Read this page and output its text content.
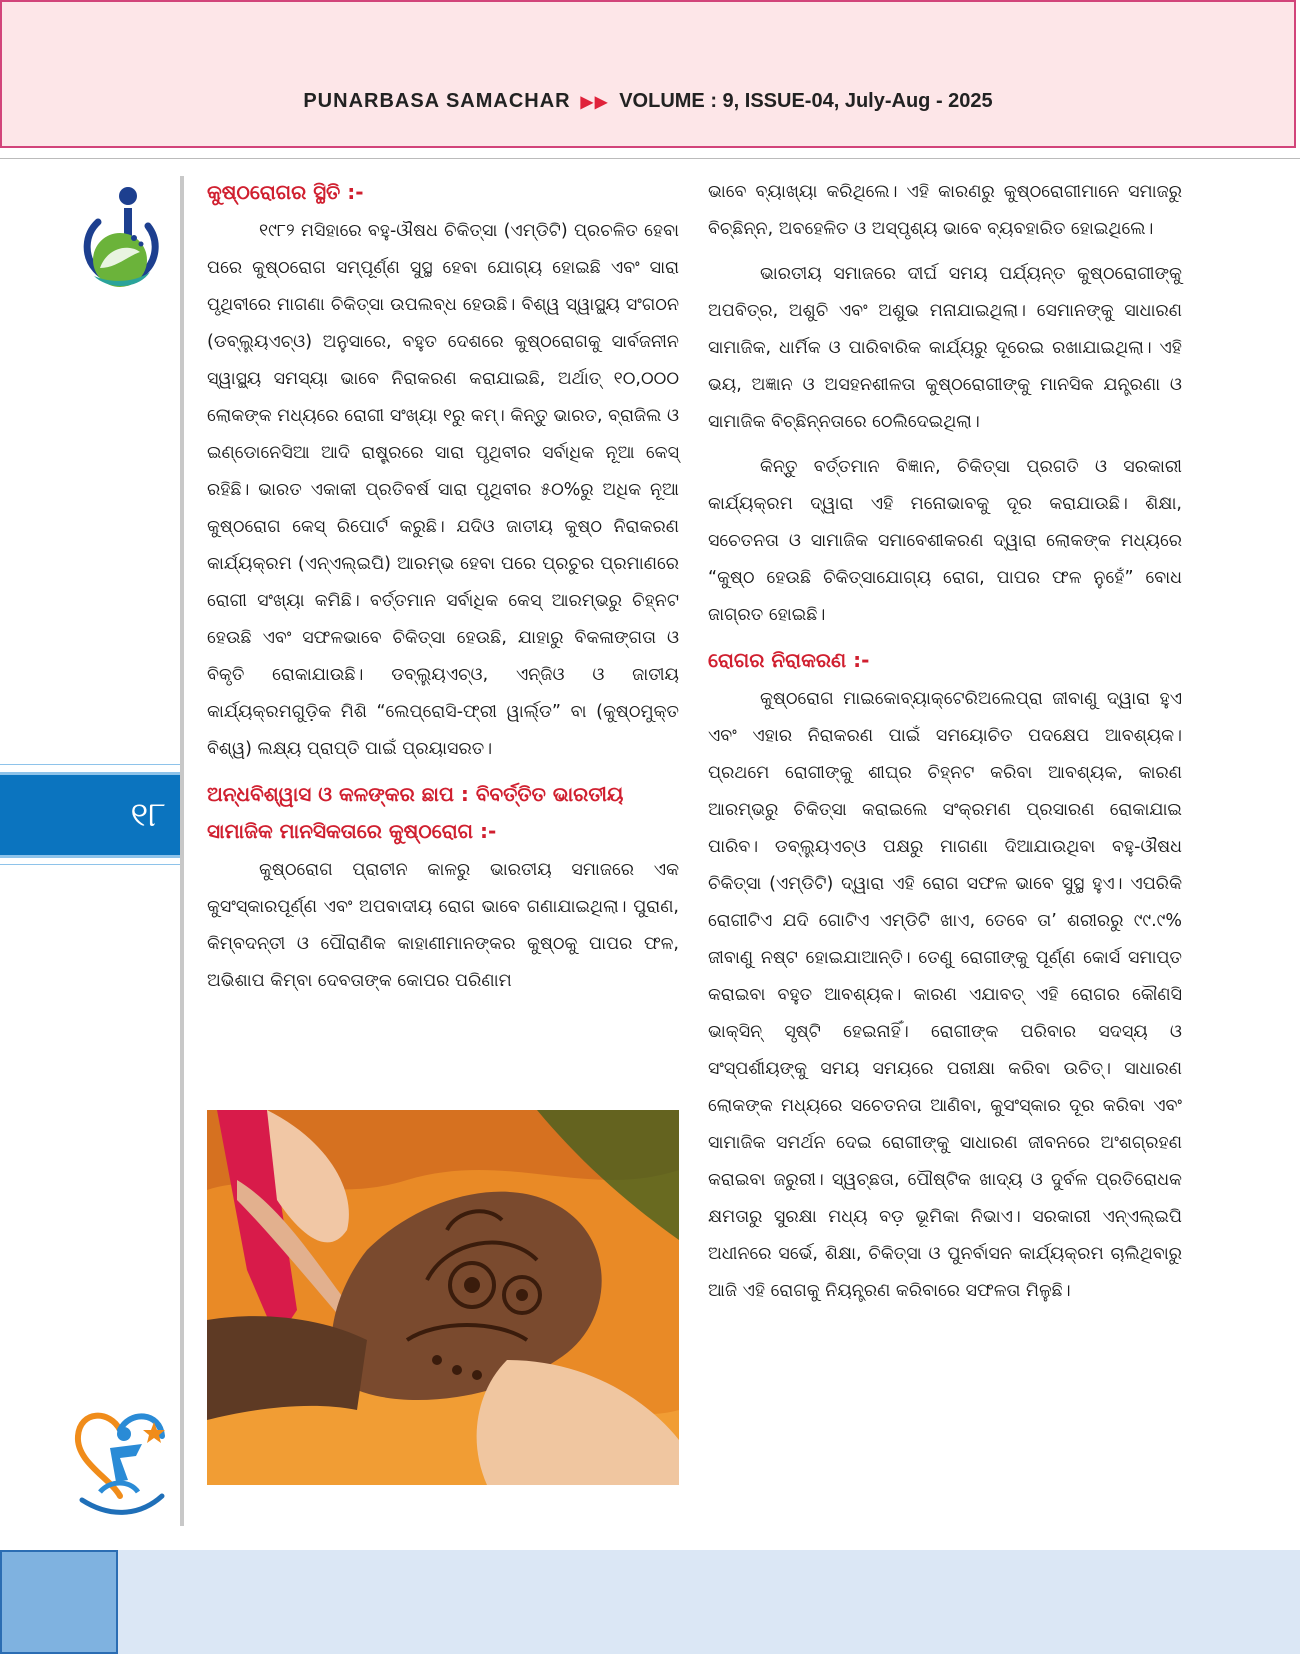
PUNARBASA SAMACHAR ▶▶ VOLUME : 9, ISSUE-04, July-Aug - 2025
୧୮
କୁଷ୍ଠରୋଗର ସ୍ଥିତି :-

୧୯୮୨ ମସିହାରେ ବହୁ-ଔଷଧ ଚିକିତ୍ସା (ଏମ୍‌ଡିଟି) ପ୍ରଚଳିତ ହେବା ପରେ କୁଷ୍ଠରୋଗ ସମ୍ପୂର୍ଣ୍ଣ ସୁସ୍ଥ ହେବା ଯୋଗ୍ୟ ହୋଇଛି ଏବଂ ସାରା ପୃଥିବୀରେ ମାଗଣା ଚିକିତ୍ସା ଉପଲବ୍ଧ ହେଉଛି। ବିଶ୍ୱ ସ୍ୱାସ୍ଥ୍ୟ ସଂଗଠନ (ଡବ୍ଲ୍ୟୁଏଚ୍‌ଓ) ଅନୁସାରେ, ବହୁତ ଦେଶରେ କୁଷ୍ଠରୋଗକୁ ସାର୍ବଜନୀନ ସ୍ୱାସ୍ଥ୍ୟ ସମସ୍ୟା ଭାବେ ନିରାକରଣ କରାଯାଇଛି, ଅର୍ଥାତ୍ ୧୦,୦୦୦ ଲୋକଙ୍କ ମଧ୍ୟରେ ରୋଗୀ ସଂଖ୍ୟା ୧ରୁ କମ୍। କିନ୍ତୁ ଭାରତ, ବ୍ରାଜିଲ ଓ ଇଣ୍ଡୋନେସିଆ ଆଦି ରାଷ୍ଟ୍ରରେ ସାରା ପୃଥିବୀର ସର୍ବାଧିକ ନୂଆ କେସ୍ ରହିଛି। ଭାରତ ଏକାକୀ ପ୍ରତିବର୍ଷ ସାରା ପୃଥିବୀର ୫୦%ରୁ ଅଧିକ ନୂଆ କୁଷ୍ଠରୋଗ କେସ୍ ରିପୋର୍ଟ କରୁଛି। ଯଦିଓ ଜାତୀୟ କୁଷ୍ଠ ନିରାକରଣ କାର୍ଯ୍ୟକ୍ରମ (ଏନ୍‌ଏଲ୍‌ଇପି) ଆରମ୍ଭ ହେବା ପରେ ପ୍ରଚୁର ପ୍ରମାଣରେ ରୋଗୀ ସଂଖ୍ୟା କମିଛି। ବର୍ତ୍ତମାନ ସର୍ବାଧିକ କେସ୍ ଆରମ୍ଭରୁ ଚିହ୍ନଟ ହେଉଛି ଏବଂ ସଫଳଭାବେ ଚିକିତ୍ସା ହେଉଛି, ଯାହାରୁ ବିକଳାଙ୍ଗତା ଓ ବିକୃତି ରୋକାଯାଉଛି। ଡବ୍ଲ୍ୟୁଏଚ୍‌ଓ, ଏନ୍‌ଜିଓ ଓ ଜାତୀୟ କାର୍ଯ୍ୟକ୍ରମଗୁଡ଼ିକ ମିଶି “ଲେପ୍ରୋସି-ଫ୍ରୀ ୱାର୍ଲ୍ଡ” ବା (କୁଷ୍ଠମୁକ୍ତ ବିଶ୍ୱ) ଲକ୍ଷ୍ୟ ପ୍ରାପ୍ତି ପାଇଁ ପ୍ରୟାସରତ।

ଅନ୍ଧବିଶ୍ୱାସ ଓ କଳଙ୍କର ଛାପ : ବିବର୍ତ୍ତିତ ଭାରତୀୟ ସାମାଜିକ ମାନସିକତାରେ କୁଷ୍ଠରୋଗ :-

କୁଷ୍ଠରୋଗ ପ୍ରାଚୀନ କାଳରୁ ଭାରତୀୟ ସମାଜରେ ଏକ କୁସଂସ୍କାରପୂର୍ଣ୍ଣ ଏବଂ ଅପବାଦୀୟ ରୋଗ ଭାବେ ଗଣାଯାଇଥିଲା। ପୁରାଣ, କିମ୍ବଦନ୍ତୀ ଓ ପୌରାଣିକ କାହାଣୀମାନଙ୍କର କୁଷ୍ଠକୁ ପାପର ଫଳ, ଅଭିଶାପ କିମ୍ବା ଦେବତାଙ୍କ କୋପର ପରିଣାମ

ଭାବେ ବ୍ୟାଖ୍ୟା କରିଥିଲେ। ଏହି କାରଣରୁ କୁଷ୍ଠରୋଗୀମାନେ ସମାଜରୁ ବିଚ୍ଛିନ୍ନ, ଅବହେଳିତ ଓ ଅସ୍ପୃଶ୍ୟ ଭାବେ ବ୍ୟବହାରିତ ହୋଇଥିଲେ।

ଭାରତୀୟ ସମାଜରେ ଦୀର୍ଘ ସମୟ ପର୍ଯ୍ୟନ୍ତ କୁଷ୍ଠରୋଗୀଙ୍କୁ ଅପବିତ୍ର, ଅଶୁଚି ଏବଂ ଅଶୁଭ ମନାଯାଇଥିଲା। ସେମାନଙ୍କୁ ସାଧାରଣ ସାମାଜିକ, ଧାର୍ମିକ ଓ ପାରିବାରିକ କାର୍ଯ୍ୟରୁ ଦୂରେଇ ରଖାଯାଇଥିଲା। ଏହି ଭୟ, ଅଜ୍ଞାନ ଓ ଅସହନଶୀଳତା କୁଷ୍ଠରୋଗୀଙ୍କୁ ମାନସିକ ଯନ୍ତ୍ରଣା ଓ ସାମାଜିକ ବିଚ୍ଛିନ୍ନତାରେ ଠେଲିଦେଇଥିଲା।

କିନ୍ତୁ ବର୍ତ୍ତମାନ ବିଜ୍ଞାନ, ଚିକିତ୍ସା ପ୍ରଗତି ଓ ସରକାରୀ କାର୍ଯ୍ୟକ୍ରମ ଦ୍ୱାରା ଏହି ମନୋଭାବକୁ ଦୂର କରାଯାଉଛି। ଶିକ୍ଷା, ସଚେତନତା ଓ ସାମାଜିକ ସମାବେଶୀକରଣ ଦ୍ୱାରା ଲୋକଙ୍କ ମଧ୍ୟରେ “କୁଷ୍ଠ ହେଉଛି ଚିକିତ୍ସାଯୋଗ୍ୟ ରୋଗ, ପାପର ଫଳ ନୁହେଁ” ବୋଧ ଜାଗ୍ରତ ହୋଇଛି।

ରୋଗର ନିରାକରଣ :-

କୁଷ୍ଠରୋଗ ମାଇକୋବ୍ୟାକ୍ଟେରିଅଲେପ୍ରା ଜୀବାଣୁ ଦ୍ୱାରା ହୁଏ ଏବଂ ଏହାର ନିରାକରଣ ପାଇଁ ସମୟୋଚିତ ପଦକ୍ଷେପ ଆବଶ୍ୟକ। ପ୍ରଥମେ ରୋଗୀଙ୍କୁ ଶୀଘ୍ର ଚିହ୍ନଟ କରିବା ଆବଶ୍ୟକ, କାରଣ ଆରମ୍ଭରୁ ଚିକିତ୍ସା କରାଇଲେ ସଂକ୍ରମଣ ପ୍ରସାରଣ ରୋକାଯାଇ ପାରିବ। ଡବ୍ଲ୍ୟୁଏଚ୍‌ଓ ପକ୍ଷରୁ ମାଗଣା ଦିଆଯାଉଥିବା ବହୁ-ଔଷଧ ଚିକିତ୍ସା (ଏମ୍‌ଡିଟି) ଦ୍ୱାରା ଏହି ରୋଗ ସଫଳ ଭାବେ ସୁସ୍ଥ ହୁଏ। ଏପରିକି ରୋଗୀଟିଏ ଯଦି ଗୋଟିଏ ଏମ୍‌ଡିଟି ଖାଏ, ତେବେ ତା’ ଶରୀରରୁ ୯୯.୯% ଜୀବାଣୁ ନଷ୍ଟ ହୋଇଯାଆନ୍ତି। ତେଣୁ ରୋଗୀଙ୍କୁ ପୂର୍ଣ୍ଣ କୋର୍ସ ସମାପ୍ତ କରାଇବା ବହୁତ ଆବଶ୍ୟକ। କାରଣ ଏଯାବତ୍ ଏହି ରୋଗର କୌଣସି ଭାକ୍‌ସିନ୍ ସୃଷ୍ଟି ହେଇନାହିଁ। ରୋଗୀଙ୍କ ପରିବାର ସଦସ୍ୟ ଓ ସଂସ୍ପର୍ଶୀୟଙ୍କୁ ସମୟ ସମୟରେ ପରୀକ୍ଷା କରିବା ଉଚିତ୍। ସାଧାରଣ ଲୋକଙ୍କ ମଧ୍ୟରେ ସଚେତନତା ଆଣିବା, କୁସଂସ୍କାର ଦୂର କରିବା ଏବଂ ସାମାଜିକ ସମର୍ଥନ ଦେଇ ରୋଗୀଙ୍କୁ ସାଧାରଣ ଜୀବନରେ ଅଂଶଗ୍ରହଣ କରାଇବା ଜରୁରୀ। ସ୍ୱଚ୍ଛତା, ପୌଷ୍ଟିକ ଖାଦ୍ୟ ଓ ଦୁର୍ବଳ ପ୍ରତିରୋଧକ କ୍ଷମତାରୁ ସୁରକ୍ଷା ମଧ୍ୟ ବଡ଼ ଭୂମିକା ନିଭାଏ। ସରକାରୀ ଏନ୍‌ଏଲ୍‌ଇପି ଅଧୀନରେ ସର୍ଭେ, ଶିକ୍ଷା, ଚିକିତ୍ସା ଓ ପୁନର୍ବାସନ କାର୍ଯ୍ୟକ୍ରମ ଚାଲିଥିବାରୁ ଆଜି ଏହି ରୋଗକୁ ନିୟନ୍ତ୍ରଣ କରିବାରେ ସଫଳତା ମିଳୁଛି।
